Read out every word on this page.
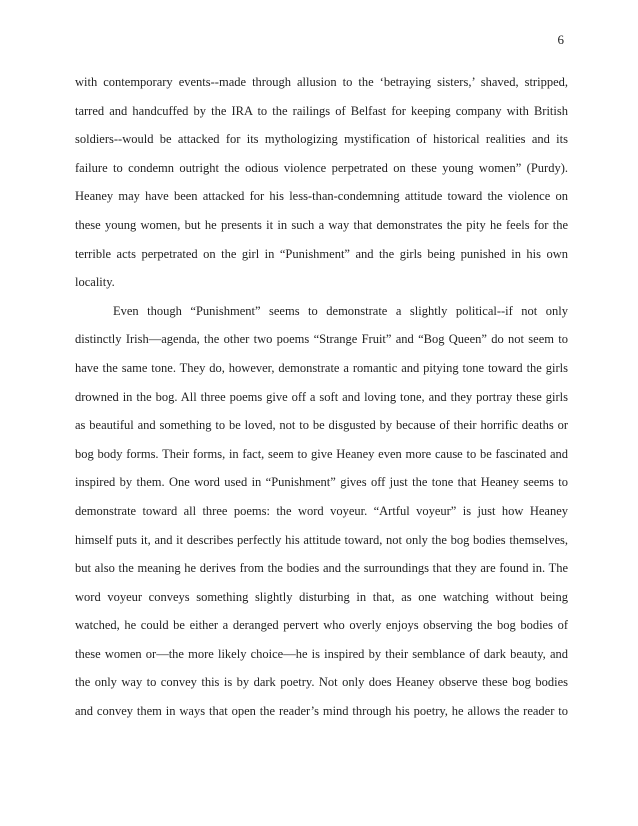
6
with contemporary events--made through allusion to the ‘betraying sisters,’ shaved, stripped,
tarred and handcuffed by the IRA to the railings of Belfast for keeping company with British
soldiers--would be attacked for its mythologizing mystification of historical realities and its
failure to condemn outright the odious violence perpetrated on these young women” (Purdy).
Heaney may have been attacked for his less-than-condemning attitude toward the violence on
these young women, but he presents it in such a way that demonstrates the pity he feels for the
terrible acts perpetrated on the girl in “Punishment” and the girls being punished in his own
locality.
Even though “Punishment” seems to demonstrate a slightly political--if not only
distinctly Irish—agenda, the other two poems “Strange Fruit” and “Bog Queen” do not seem to
have the same tone. They do, however, demonstrate a romantic and pitying tone toward the girls
drowned in the bog. All three poems give off a soft and loving tone, and they portray these girls
as beautiful and something to be loved, not to be disgusted by because of their horrific deaths or
bog body forms. Their forms, in fact, seem to give Heaney even more cause to be fascinated and
inspired by them. One word used in “Punishment” gives off just the tone that Heaney seems to
demonstrate toward all three poems: the word voyeur. “Artful voyeur” is just how Heaney
himself puts it, and it describes perfectly his attitude toward, not only the bog bodies themselves,
but also the meaning he derives from the bodies and the surroundings that they are found in. The
word voyeur conveys something slightly disturbing in that, as one watching without being
watched, he could be either a deranged pervert who overly enjoys observing the bog bodies of
these women or—the more likely choice—he is inspired by their semblance of dark beauty, and
the only way to convey this is by dark poetry. Not only does Heaney observe these bog bodies
and convey them in ways that open the reader’s mind through his poetry, he allows the reader to
